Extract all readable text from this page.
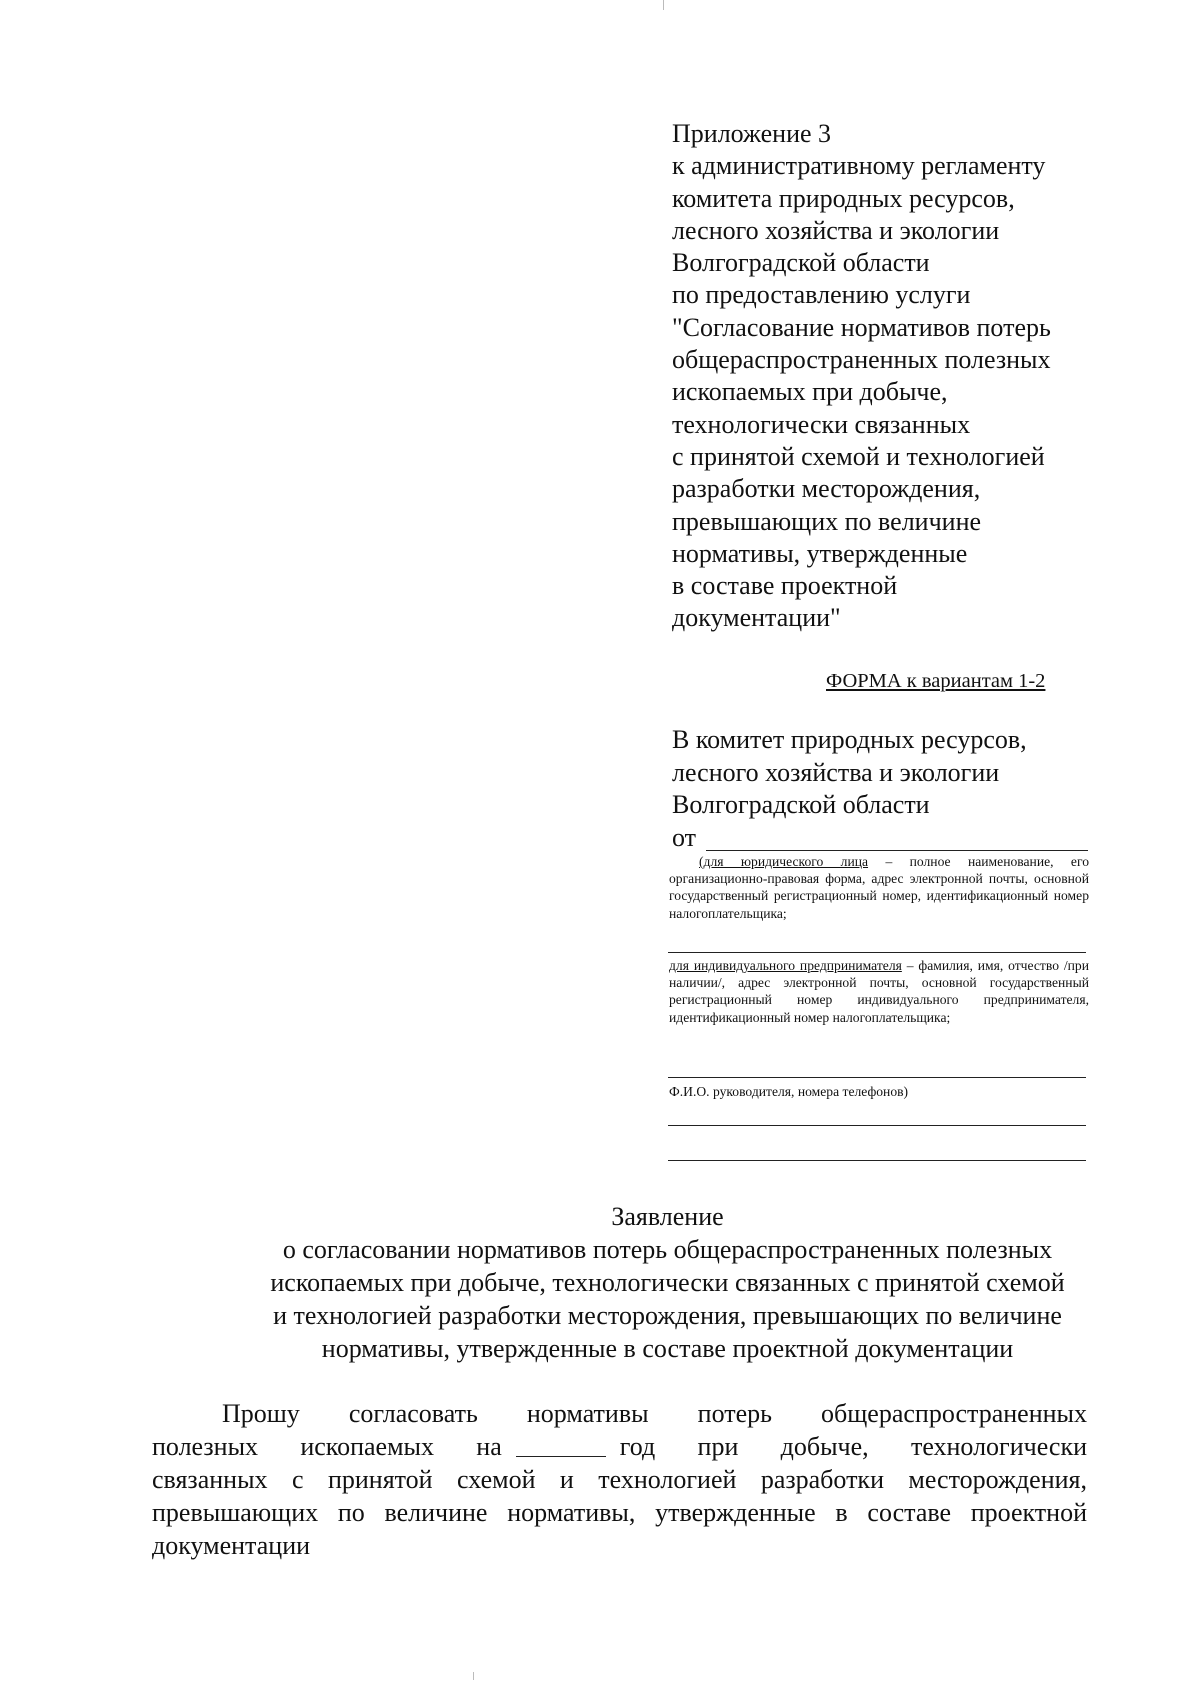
Приложение 3
к административному регламенту
комитета природных ресурсов,
лесного хозяйства и экологии
Волгоградской области
по предоставлению услуги
"Согласование нормативов потерь
общераспространенных полезных
ископаемых при добыче,
технологически связанных
с принятой схемой и технологией
разработки месторождения,
превышающих по величине
нормативы, утвержденные
в составе проектной
документации"
ФОРМА к вариантам 1-2
В комитет природных ресурсов,
лесного хозяйства и экологии
Волгоградской области
от
(для юридического лица – полное наименование, его организационно-правовая форма, адрес электронной почты, основной государственный регистрационный номер, идентификационный номер налогоплательщика;
для индивидуального предпринимателя – фамилия, имя, отчество /при наличии/, адрес электронной почты, основной государственный регистрационный номер индивидуального предпринимателя, идентификационный номер налогоплательщика;
Ф.И.О. руководителя, номера телефонов)
Заявление
о согласовании нормативов потерь общераспространенных полезных
ископаемых при добыче, технологически связанных с принятой схемой
и технологией разработки месторождения, превышающих по величине
нормативы, утвержденные в составе проектной документации
Прошу согласовать нормативы потерь общераспространенных
полезных ископаемых на	год при добыче, технологически
связанных с принятой схемой и технологией разработки месторождения,
превышающих по величине нормативы, утвержденные в составе проектной
документации
